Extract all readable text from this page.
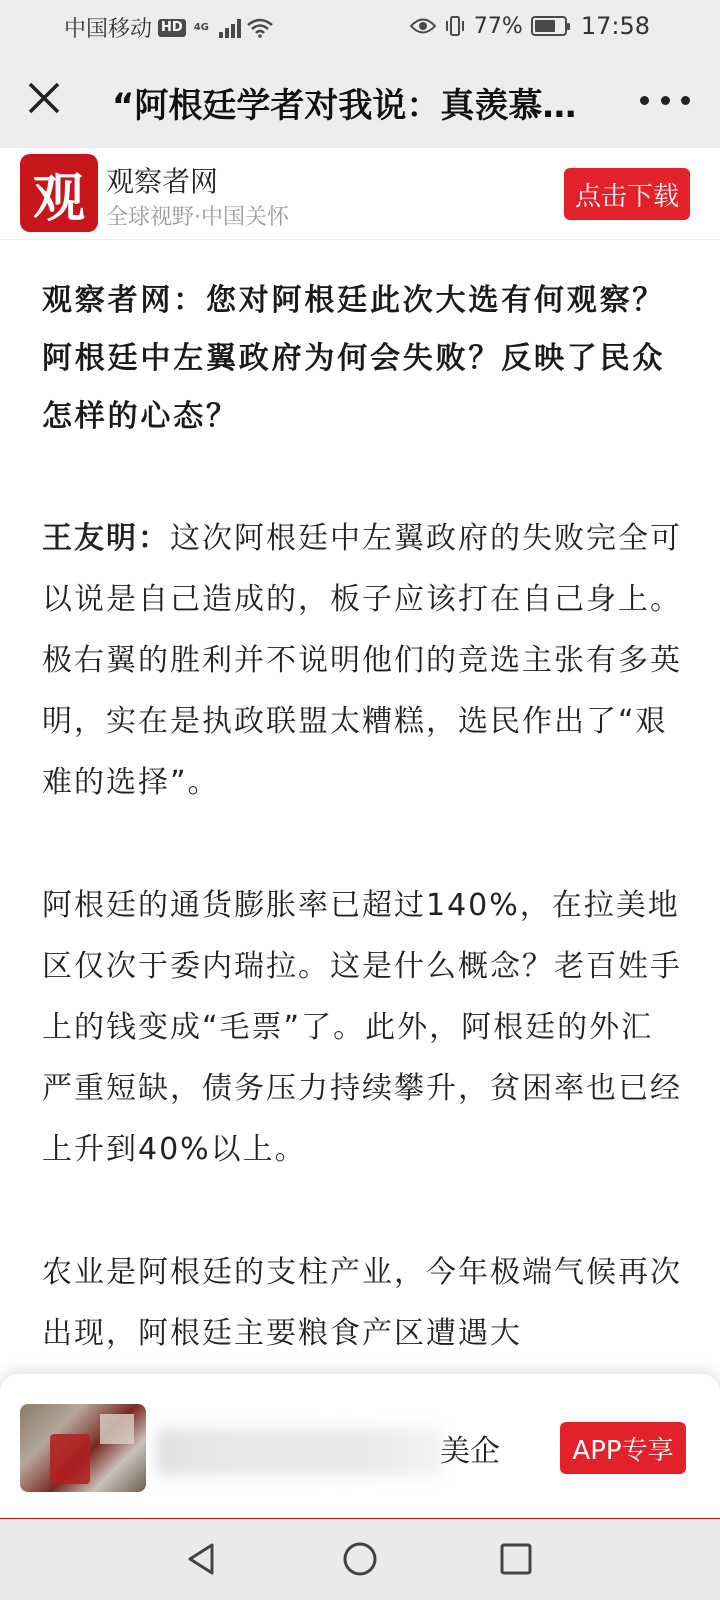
中国移动 HD	4G	77% 17:58
“阿根廷学者对我说：真羡慕…
观 观察者网
全球视野·中国关怀
点击下载

观察者网：您对阿根廷此次大选有何观察？阿根廷中左翼政府为何会失败？反映了民众怎样的心态？

王友明：这次阿根廷中左翼政府的失败完全可以说是自己造成的，板子应该打在自己身上。极右翼的胜利并不说明他们的竞选主张有多英明，实在是执政联盟太糟糕，选民作出了“艰难的选择”。

阿根廷的通货膨胀率已超过140%，在拉美地区仅次于委内瑞拉。这是什么概念？老百姓手上的钱变成“毛票”了。此外，阿根廷的外汇严重短缺，债务压力持续攀升，贫困率也已经上升到40%以上。

农业是阿根廷的支柱产业，今年极端气候再次出现，阿根廷主要粮食产区遭遇大

美企	APP专享
